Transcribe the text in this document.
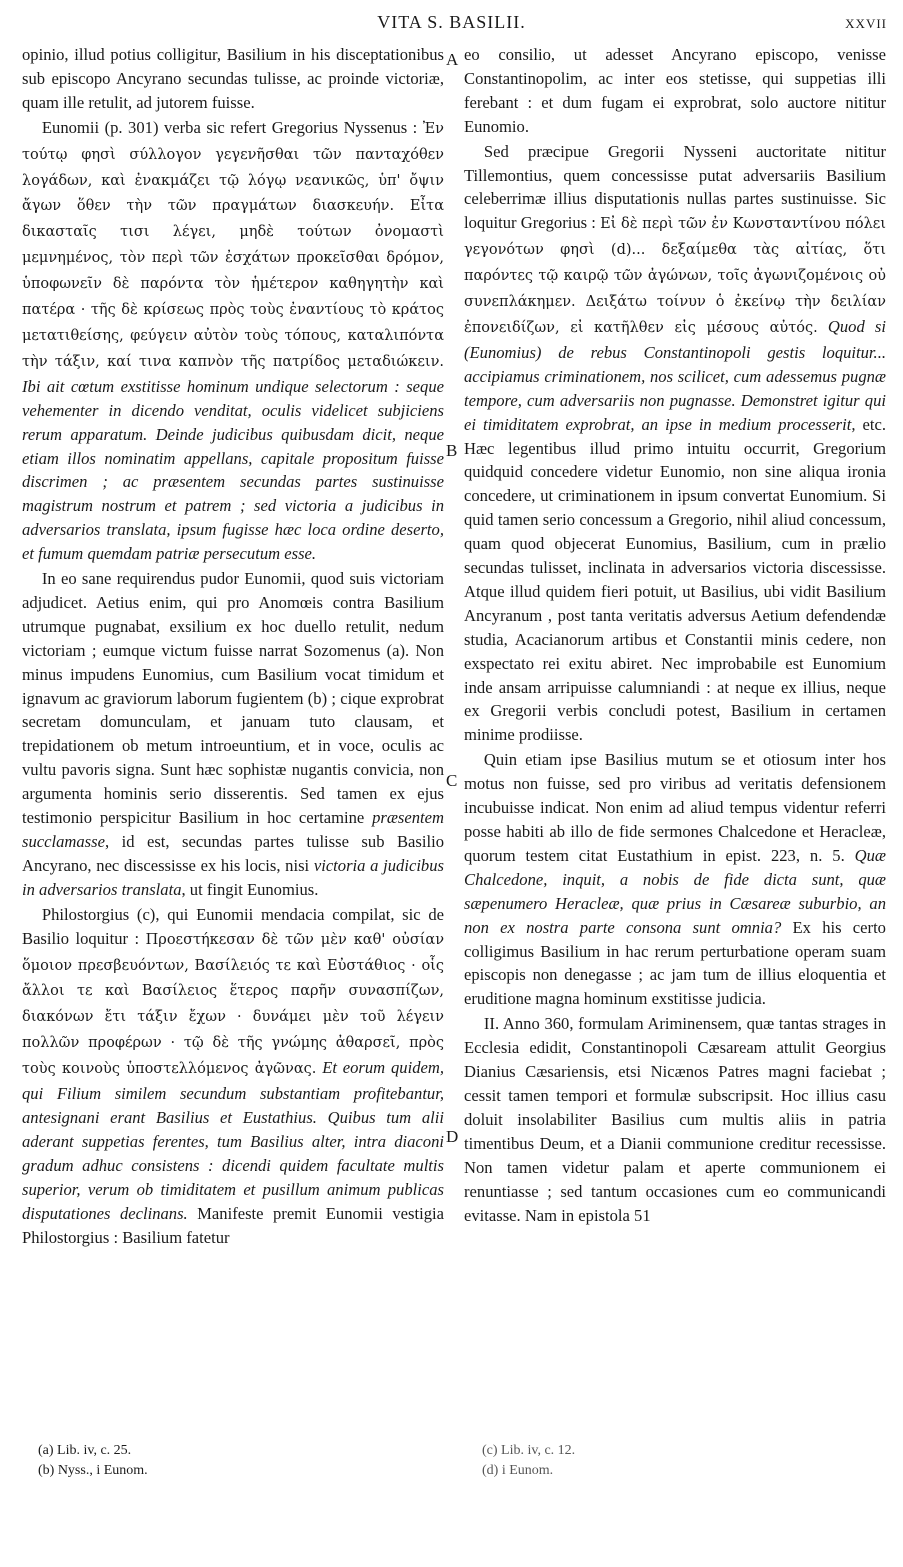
VITA S. BASILII.	XXVII

opinio, illud potius colligitur, Basilium in his disceptationibus sub episcopo Ancyrano secundas tulisse, ac proinde victoriæ, quam ille retulit, ad jutorem fuisse.

Eunomii (p. 301) verba sic refert Gregorius Nyssenus : Ἐν τούτῳ φησὶ σύλλογον γεγενῆσθαι τῶν πανταχόθεν λογάδων, καὶ ἐνακμάζει τῷ λόγῳ νεανικῶς, ὑπ' ὄψιν ἄγων ὅθεν τὴν τῶν πραγμάτων διασκευήν. Εἶτα δικασταῖς τισι λέγει, μηδὲ τούτων ὀνομαστὶ μεμνημένος, τὸν περὶ τῶν ἐσχάτων προκεῖσθαι δρόμον, ὑποφωνεῖν δὲ παρόντα τὸν ἡμέτερον καθηγητὴν καὶ πατέρα · τῆς δὲ κρίσεως πρὸς τοὺς ἐναντίους τὸ κράτος μετατιθείσης, φεύγειν αὐτὸν τοὺς τόπους, καταλιπόντα τὴν τάξιν, καί τινα καπνὸν τῆς πατρίδος μεταδιώκειν. Ibi ait cœtum exstitisse hominum undique selectorum : seque vehementer in dicendo venditat, oculis videlicet subjiciens rerum apparatum. Deinde judicibus quibusdam dicit, neque etiam illos nominatim appellans, capitale propositum fuisse discrimen ; ac præsentem secundas partes sustinuisse magistrum nostrum et patrem ; sed victoria a judicibus in adversarios translata, ipsum fugisse hæc loca ordine deserto, et fumum quemdam patriæ persecutum esse.

In eo sane requirendus pudor Eunomii, quod suis victoriam adjudicet. Aetius enim, qui pro Anomœis contra Basilium utrumque pugnabat, exsilium ex hoc duello retulit, nedum victoriam ; eumque victum fuisse narrat Sozomenus (a). Non minus impudens Eunomius, cum Basilium vocat timidum et ignavum ac graviorum laborum fugientem (b) ; cique exprobrat secretam domunculam, et januam tuto clausam, et trepidationem ob metum introeuntium, et in voce, oculis ac vultu pavoris signa. Sunt hæc sophistæ nugantis convicia, non argumenta hominis serio disserentis. Sed tamen ex ejus testimonio perspicitur Basilium in hoc certamine præsentem succlamasse, id est, secundas partes tulisse sub Basilio Ancyrano, nec discessisse ex his locis, nisi victoria a judicibus in adversarios translata, ut fingit Eunomius.

Philostorgius (c), qui Eunomii mendacia compilat, sic de Basilio loquitur : Προεστήκεσαν δὲ τῶν μὲν καθ' οὐσίαν ὅμοιον πρεσβευόντων, Βασίλειός τε καὶ Εὐστάθιος · οἷς ἄλλοι τε καὶ Βασίλειος ἕτερος παρῆν συνασπίζων, διακόνων ἔτι τάξιν ἔχων · δυνάμει μὲν τοῦ λέγειν πολλῶν προφέρων · τῷ δὲ τῆς γνώμης ἀθαρσεῖ, πρὸς τοὺς κοινοὺς ὑποστελλόμενος ἀγῶνας. Et eorum quidem, qui Filium similem secundum substantiam profitebantur, antesignani erant Basilius et Eustathius. Quibus tum alii aderant suppetias ferentes, tum Basilius alter, intra diaconi gradum adhuc consistens : dicendi quidem facultate multis superior, verum ob timiditatem et pusillum animum publicas disputationes declinans. Manifeste premit Eunomii vestigia Philostorgius : Basilium fatetur

eo consilio, ut adesset Ancyrano episcopo, venisse Constantinopolim, ac inter eos stetisse, qui suppetias illi ferebant : et dum fugam ei exprobrat, solo auctore nititur Eunomio.

Sed præcipue Gregorii Nysseni auctoritate nititur Tillemontius, quem concessisse putat adversariis Basilium celeberrimæ illius disputationis nullas partes sustinuisse. Sic loquitur Gregorius : Εἰ δὲ περὶ τῶν ἐν Κωνσταντίνου πόλει γεγονότων φησὶ (d)... δεξαίμεθα τὰς αἰτίας, ὅτι παρόντες τῷ καιρῷ τῶν ἀγώνων, τοῖς ἀγωνιζομένοις οὐ συνεπλάκημεν. Δειξάτω τοίνυν ὁ ἐκείνῳ τὴν δειλίαν ἐπονειδίζων, εἰ κατῆλθεν εἰς μέσους αὐτός. Quod si (Eunomius) de rebus Constantinopoli gestis loquitur... accipiamus criminationem, nos scilicet, cum adessemus pugnæ tempore, cum adversariis non pugnasse. Demonstret igitur qui ei timiditatem exprobrat, an ipse in medium processerit, etc. Hæc legentibus illud primo intuitu occurrit, Gregorium quidquid concedere videtur Eunomio, non sine aliqua ironia concedere, ut criminationem in ipsum convertat Eunomium. Si quid tamen serio concessum a Gregorio, nihil aliud concessum, quam quod objecerat Eunomius, Basilium, cum in prælio secundas tulisset, inclinata in adversarios victoria discessisse. Atque illud quidem fieri potuit, ut Basilius, ubi vidit Basilium Ancyranum , post tanta veritatis adversus Aetium defendendæ studia, Acacianorum artibus et Constantii minis cedere, non exspectato rei exitu abiret. Nec improbabile est Eunomium inde ansam arripuisse calumniandi : at neque ex illius, neque ex Gregorii verbis concludi potest, Basilium in certamen minime prodiisse.

Quin etiam ipse Basilius mutum se et otiosum inter hos motus non fuisse, sed pro viribus ad veritatis defensionem incubuisse indicat. Non enim ad aliud tempus videntur referri posse habiti ab illo de fide sermones Chalcedone et Heracleæ, quorum testem citat Eustathium in epist. 223, n. 5. Quæ Chalcedone, inquit, a nobis de fide dicta sunt, quæ sæpenumero Heracleæ, quæ prius in Cæsareæ suburbio, an non ex nostra parte consona sunt omnia? Ex his certo colligimus Basilium in hac rerum perturbatione operam suam episcopis non denegasse ; ac jam tum de illius eloquentia et eruditione magna hominum exstitisse judicia.

II. Anno 360, formulam Ariminensem, quæ tantas strages in Ecclesia edidit, Constantinopoli Cæsaream attulit Georgius Dianius Cæsariensis, etsi Nicænos Patres magni faciebat ; cessit tamen tempori et formulæ subscripsit. Hoc illius casu doluit insolabiliter Basilius cum multis aliis in patria timentibus Deum, et a Dianii communione creditur recessisse. Non tamen videtur palam et aperte communionem ei renuntiasse ; sed tantum occasiones cum eo communicandi evitasse. Nam in epistola 51

A
B
C
D
(a) Lib. iv, c. 25.
(b) Nyss., i Eunom.
(c) Lib. iv, c. 12.
(d) i Eunom.
